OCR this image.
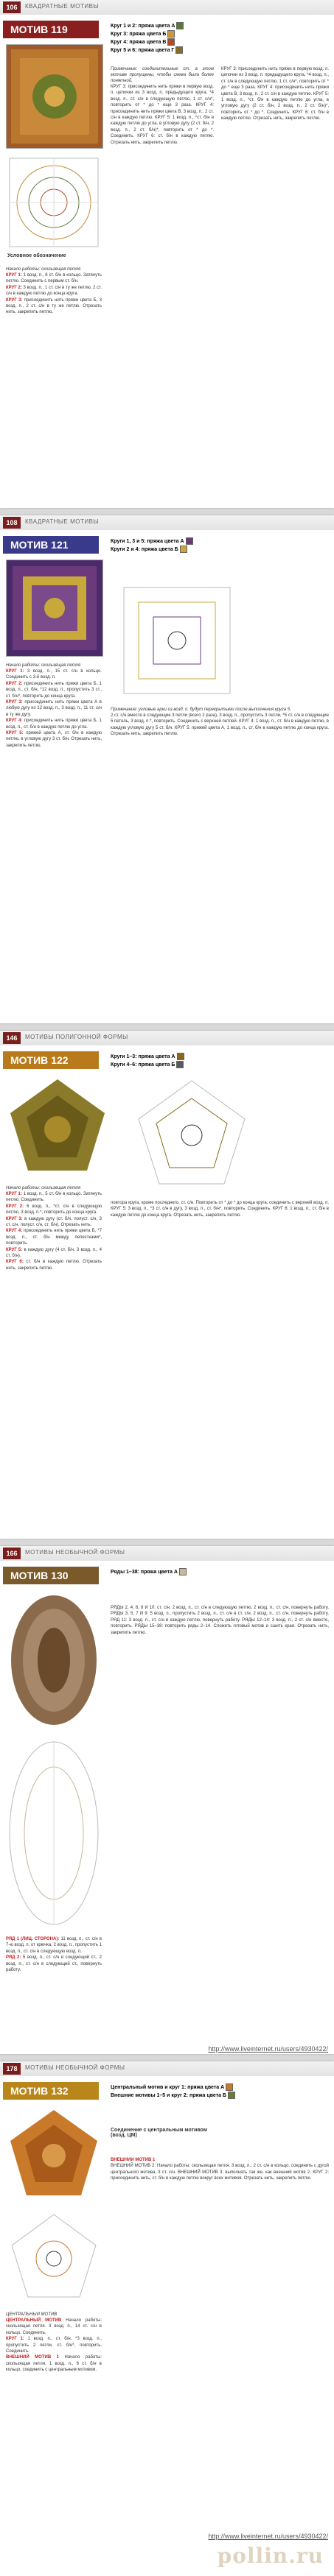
106	КВАДРАТНЫЕ МОТИВЫ
МОТИВ 119	Круг 1 и 2: пряжа цвета А
Круг 3: пряжа цвета Б
Круг 4: пряжа цвета В
Круг 5 и 6: пряжа цвета Г
Условное обозначение
Начало работы: скользящая петля
КРУГ 1: 1 возд. п., 8 ст. б/н в кольцо. Затянуть петлю. Соединить с первым ст. б/н.
КРУГ 2: 3 возд. п., 1 ст. с/н в ту же петлю, 2 ст. с/н в каждую петлю до конца круга.
КРУГ 3: присоединить нить пряжи цвета Б, 3 возд. п., 2 ст. с/н в ту же петлю. Отрезать нить, закрепить петлю.
Примечание: соединительные ст. в этом мотиве пропущены, чтобы схема была более понятной.
КРУГ 3: присоединить нить пряжи в первую возд. п. цепочки из 3 возд. п. предыдущего круга, *4 возд. п., ст. с/н в следующую петлю, 1 ст. с/н*, повторить от * до * еще 3 раза. КРУГ 4: присоединить нить пряжи цвета В, 3 возд. п., 2 ст. с/н в каждую петлю. КРУГ 5: 1 возд. п., *ст. б/н в каждую петлю до угла, в угловую дугу (2 ст. б/н, 2 возд. п., 2 ст. б/н)*, повторить от * до *. Соединить. КРУГ 6: ст. б/н в каждую петлю. Отрезать нить, закрепить петлю.
КРУГ 3: присоединить нить пряжи в первую возд. п. цепочки из 3 возд. п. предыдущего круга, *4 возд. п., ст. с/н в следующую петлю, 1 ст. с/н*, повторить от * до * еще 3 раза. КРУГ 4: присоединить нить пряжи цвета В, 3 возд. п., 2 ст. с/н в каждую петлю. КРУГ 5: 1 возд. п., *ст. б/н в каждую петлю до угла, в угловую дугу (2 ст. б/н, 2 возд. п., 2 ст. б/н)*, повторить от * до *. Соединить. КРУГ 6: ст. б/н в каждую петлю. Отрезать нить, закрепить петлю.
108	КВАДРАТНЫЕ МОТИВЫ
МОТИВ 121	Круги 1, 3 и 5: пряжа цвета А
Круги 2 и 4: пряжа цвета Б
Начало работы: скользящая петля
КРУГ 1: 3 возд. п., 15 ст. с/н в кольцо. Соединить с 3-й возд. п.
КРУГ 2: присоединить нить пряжи цвета Б, 1 возд. п., ст. б/н, *12 возд. п., пропустить 3 ст., ст. б/н*, повторить до конца круга.
КРУГ 3: присоединить нить пряжи цвета А в любую дугу из 12 возд. п., 3 возд. п., 11 ст. с/н в ту же дугу.
КРУГ 4: присоединить нить пряжи цвета Б, 1 возд. п., ст. б/н в каждую петлю до угла.
КРУГ 5: пряжей цвета А, ст. б/н в каждую петлю, в угловую дугу 3 ст. б/н. Отрезать нить, закрепить петлю.
Примечание: угловые арки из возд. п. будут перекрытыми после выполнения круга 5.
2 ст. с/н вместе в следующие 3 петли (всего 2 раза), 3 возд. п., пропустить 3 петли, *5 ст. с/н в следующие 5 петель, 3 возд. п.*, повторить. Соединить с верхней петлей. КРУГ 4: 1 возд. п., ст. б/н в каждую петлю, в каждую угловую дугу 5 ст. б/н. КРУГ 5: пряжей цвета А, 1 возд. п., ст. б/н в каждую петлю до конца круга. Отрезать нить, закрепить петлю.
146	МОТИВЫ ПОЛИГОННОЙ ФОРМЫ
МОТИВ 122	Круги 1–3: пряжа цвета А
Круги 4–6: пряжа цвета Б
Начало работы: скользящая петля
КРУГ 1: 1 возд. п., 5 ст. б/н в кольцо. Затянуть петлю. Соединить.
КРУГ 2: 6 возд. п., *ст. с/н в следующую петлю, 3 возд. п.*, повторить до конца круга.
КРУГ 3: в каждую дугу (ст. б/н, полуст. с/н, 3 ст. с/н, полуст. с/н, ст. б/н). Отрезать нить.
КРУГ 4: присоединить нить пряжи цвета Б, *7 возд. п., ст. б/н между лепестками*, повторить.
КРУГ 5: в каждую дугу (4 ст. б/н, 3 возд. п., 4 ст. б/н).
КРУГ 6: ст. б/н в каждую петлю. Отрезать нить, закрепить петлю.
повтора круга, кроме последнего, ст. с/н. Повторить от * до * до конца круга, соединить с верхней возд. п. КРУГ 5: 3 возд. п., *3 ст. с/н в дугу, 3 возд. п., ст. б/н*, повторить. Соединить. КРУГ 6: 1 возд. п., ст. б/н в каждую петлю до конца круга. Отрезать нить, закрепить петлю.
166	МОТИВЫ НЕОБЫЧНОЙ ФОРМЫ
МОТИВ 130	Ряды 1–38: пряжа цвета А
РЯД 1 (ЛИЦ. СТОРОНА): 11 возд. п., ст. с/н в 7-ю возд. п. от крючка, 2 возд. п., пропустить 1 возд. п., ст. с/н в следующую возд. п.
РЯД 2: 5 возд. п., ст. с/н в следующий ст., 2 возд. п., ст. с/н в следующий ст., повернуть работу.
РЯДЫ 2, 4, 6, 8 И 10: ст. с/н, 2 возд. п., ст. с/н в следующую петлю, 2 возд. п., ст. с/н, повернуть работу. РЯДЫ 3, 5, 7 И 9: 5 возд. п., пропустить 2 возд. п., ст. с/н в ст. с/н, 2 возд. п., ст. с/н, повернуть работу. РЯД 11: 3 возд. п., ст. с/н в каждую петлю, повернуть работу. РЯДЫ 12–14: 3 возд. п., 2 ст. с/н вместе, повторить. РЯДЫ 15–38: повторить ряды 2–14. Сложить готовый мотив и сшить края. Отрезать нить, закрепить петлю.
178	МОТИВЫ НЕОБЫЧНОЙ ФОРМЫ
МОТИВ 132	Центральный мотив и круг 1: пряжа цвета А
Внешние мотивы 1–5 и круг 2: пряжа цвета Б
Соединение с центральным мотивом (возд. ЦМ)
ЦЕНТРАЛЬНЫЙ МОТИВ
ЦЕНТРАЛЬНЫЙ МОТИВ Начало работы: скользящая петля. 3 возд. п., 14 ст. с/н в кольцо. Соединить.
КРУГ 1: 1 возд. п., ст. б/н, *3 возд. п., пропустить 2 петли, ст. б/н*, повторить. Соединить.
ВНЕШНИЙ МОТИВ 1 Начало работы: скользящая петля. 1 возд. п., 6 ст. б/н в кольцо, соединить с центральным мотивом.
ВНЕШНИЙ МОТИВ 1
ВНЕШНИЙ МОТИВ 2: Начало работы: скользящая петля. 3 возд. п., 2 ст. с/н в кольцо, соединить с дугой центрального мотива, 3 ст. с/н. ВНЕШНИЙ МОТИВ 3: выполнять так же, как внешний мотив 2. КРУГ 2: присоединить нить, ст. б/н в каждую петлю вокруг всех мотивов. Отрезать нить, закрепить петлю.
http://www.liveinternet.ru/users/4930422/
pollin.ru
http://www.liveinternet.ru/users/4930422/
